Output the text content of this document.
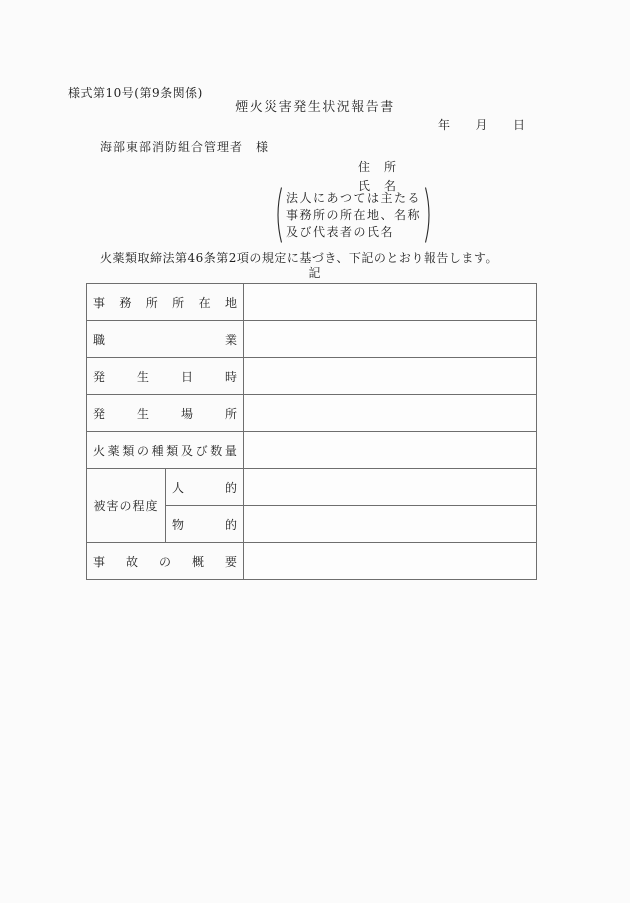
様式第10号(第9条関係)
煙火災害発生状況報告書
年　　月　　日
海部東部消防組合管理者　様
住　所
氏　名
法人にあつては主たる
事務所の所在地、名称
及び代表者の氏名
火薬類取締法第46条第2項の規定に基づき、下記のとおり報告します。
記
事 務 所 所 在 地

職 業		

発 生 日 時		

発 生 場 所		

火 薬 類 の 種 類 及 び 数 量

被害の程度	人 的	

	物 的	

事 故 の 概 要		
